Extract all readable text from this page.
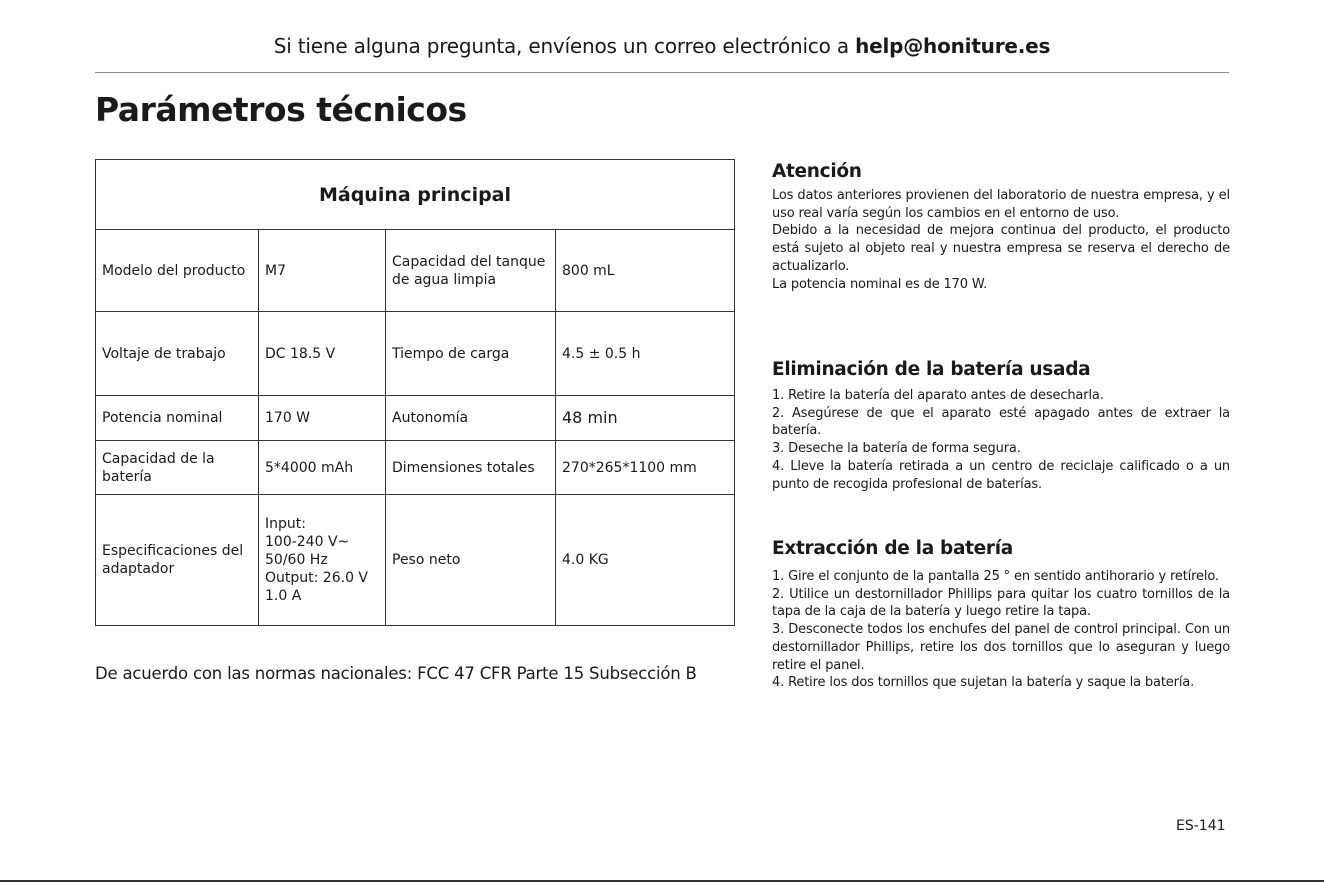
Si tiene alguna pregunta, envíenos un correo electrónico a help@honiture.es
Parámetros técnicos
Máquina principal			
Modelo del producto	M7	Capacidad del tanque de agua limpia	800 mL
Voltaje de trabajo	DC 18.5 V	Tiempo de carga	4.5 ± 0.5 h
Potencia nominal	170 W	Autonomía	48 min
Capacidad de la batería	5*4000 mAh	Dimensiones totales	270*265*1100 mm
Especificaciones del adaptador	Input:
100-240 V~
50/60 Hz
Output: 26.0 V
1.0 A	Peso neto	4.0 KG
De acuerdo con las normas nacionales: FCC 47 CFR Parte 15 Subsección B
Atención

Los datos anteriores provienen del laboratorio de nuestra empresa, y el uso real varía según los cambios en el entorno de uso.

Debido a la necesidad de mejora continua del producto, el producto está sujeto al objeto real y nuestra empresa se reserva el derecho de actualizarlo.

La potencia nominal es de 170 W.

Eliminación de la batería usada

1. Retire la batería del aparato antes de desecharla.

2. Asegúrese de que el aparato esté apagado antes de extraer la batería.

3. Deseche la batería de forma segura.

4. Lleve la batería retirada a un centro de reciclaje calificado o a un punto de recogida profesional de baterías.

Extracción de la batería

1. Gire el conjunto de la pantalla 25 ° en sentido antihorario y retírelo.

2. Utilice un destornillador Phillips para quitar los cuatro tornillos de la tapa de la caja de la batería y luego retire la tapa.

3. Desconecte todos los enchufes del panel de control principal. Con un destornillador Phillips, retire los dos tornillos que lo aseguran y luego retire el panel.

4. Retire los dos tornillos que sujetan la batería y saque la batería.

ES-141
